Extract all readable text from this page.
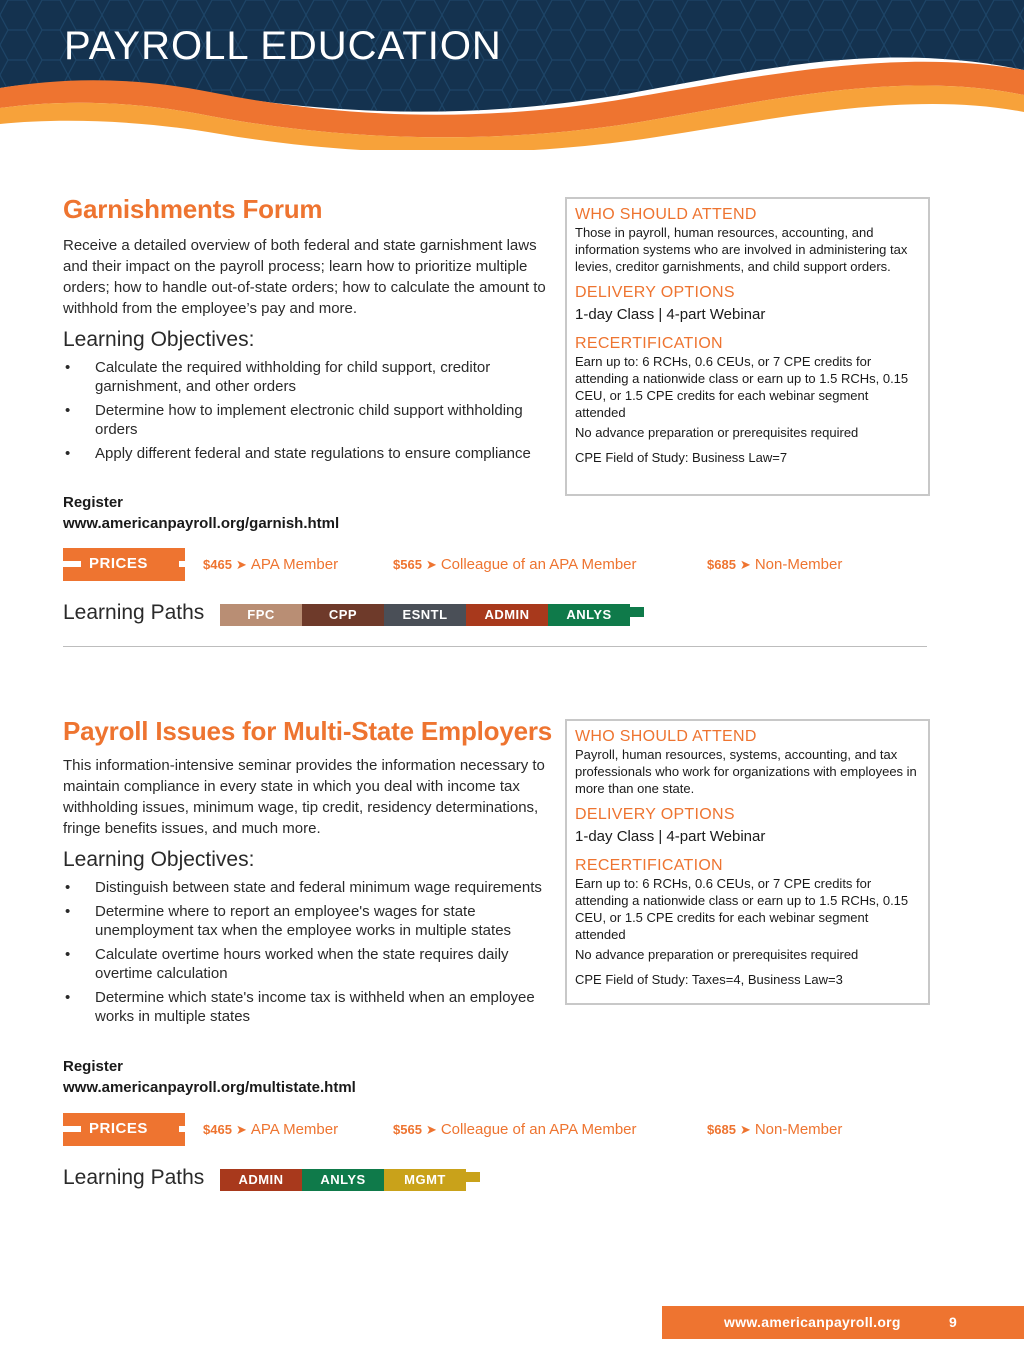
PAYROLL EDUCATION
Garnishments Forum
Receive a detailed overview of both federal and state garnishment laws and their impact on the payroll process; learn how to prioritize multiple orders; how to handle out-of-state orders; how to calculate the amount to withhold from the employee’s pay and more.
Learning Objectives:
• Calculate the required withholding for child support, creditor garnishment, and other orders
• Determine how to implement electronic child support withholding orders
• Apply different federal and state regulations to ensure compliance
Register
www.americanpayroll.org/garnish.html
WHO SHOULD ATTEND

Those in payroll, human resources, accounting, and information systems who are involved in administering tax levies, creditor garnishments, and child support orders.

DELIVERY OPTIONS

1-day Class | 4-part Webinar

RECERTIFICATION

Earn up to: 6 RCHs, 0.6 CEUs, or 7 CPE credits for attending a nationwide class or earn up to 1.5 RCHs, 0.15 CEU, or 1.5 CPE credits for each webinar segment attended

No advance preparation or prerequisites required

CPE Field of Study: Business Law=7

PRICES	$465 ➤ APA Member	$565 ➤ Colleague of an APA Member	$685 ➤ Non-Member
Learning Paths	FPC	CPP	ESNTL	ADMIN	ANLYS
Payroll Issues for Multi-State Employers
This information-intensive seminar provides the information necessary to maintain compliance in every state in which you deal with income tax withholding issues, minimum wage, tip credit, residency determinations, fringe benefits issues, and much more.
Learning Objectives:
• Distinguish between state and federal minimum wage requirements
• Determine where to report an employee's wages for state unemployment tax when the employee works in multiple states
• Calculate overtime hours worked when the state requires daily overtime calculation
• Determine which state's income tax is withheld when an employee works in multiple states
Register
www.americanpayroll.org/multistate.html
WHO SHOULD ATTEND

Payroll, human resources, systems, accounting, and tax professionals who work for organizations with employees in more than one state.

DELIVERY OPTIONS

1-day Class | 4-part Webinar

RECERTIFICATION

Earn up to: 6 RCHs, 0.6 CEUs, or 7 CPE credits for attending a nationwide class or earn up to 1.5 RCHs, 0.15 CEU, or 1.5 CPE credits for each webinar segment attended

No advance preparation or prerequisites required

CPE Field of Study: Taxes=4, Business Law=3

PRICES	$465 ➤ APA Member	$565 ➤ Colleague of an APA Member	$685 ➤ Non-Member
Learning Paths	ADMIN	ANLYS	MGMT
www.americanpayroll.org	9
